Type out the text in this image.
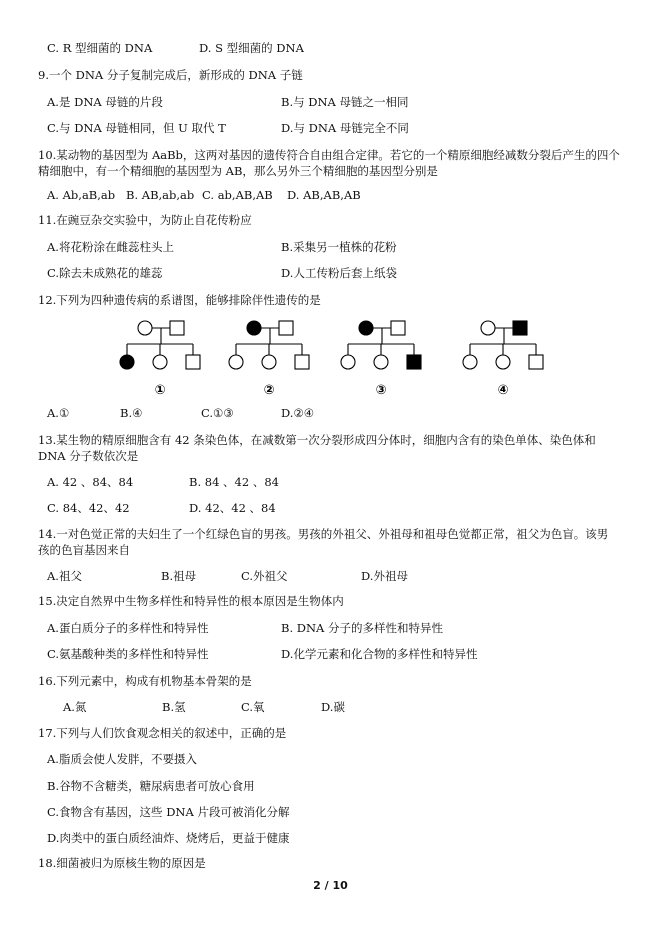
C. R 型细菌的 DNA	D. S 型细菌的 DNA
9.一个 DNA 分子复制完成后，新形成的 DNA 子链
A.是 DNA 母链的片段	B.与 DNA 母链之一相同
C.与 DNA 母链相同，但 U 取代 T	D.与 DNA 母链完全不同
10.某动物的基因型为 AaBb，这两对基因的遗传符合自由组合定律。若它的一个精原细胞经减数分裂后产生的四个
精细胞中，有一个精细胞的基因型为 AB，那么另外三个精细胞的基因型分别是
A. Ab,aB,ab B. AB,ab,ab C. ab,AB,AB D. AB,AB,AB
11.在豌豆杂交实验中，为防止自花传粉应
A.将花粉涂在雌蕊柱头上	B.采集另一植株的花粉
C.除去未成熟花的雄蕊	D.人工传粉后套上纸袋
12.下列为四种遗传病的系谱图，能够排除伴性遗传的是
①	②	③	④
A.①	B.④	C.①③	D.②④
13.某生物的精原细胞含有 42 条染色体，在减数第一次分裂形成四分体时，细胞内含有的染色单体、染色体和
DNA 分子数依次是
A. 42 、84、84	B. 84 、42 、84
C. 84、42、42	D. 42、42 、84
14.一对色觉正常的夫妇生了一个红绿色盲的男孩。男孩的外祖父、外祖母和祖母色觉都正常，祖父为色盲。该男
孩的色盲基因来自
A.祖父	B.祖母	C.外祖父	D.外祖母
15.决定自然界中生物多样性和特异性的根本原因是生物体内
A.蛋白质分子的多样性和特异性	B. DNA 分子的多样性和特异性
C.氨基酸种类的多样性和特异性	D.化学元素和化合物的多样性和特异性
16.下列元素中，构成有机物基本骨架的是
A.氮	B.氢	C.氧	D.碳
17.下列与人们饮食观念相关的叙述中，正确的是
A.脂质会使人发胖，不要摄入
B.谷物不含糖类，糖尿病患者可放心食用
C.食物含有基因，这些 DNA 片段可被消化分解
D.肉类中的蛋白质经油炸、烧烤后，更益于健康
18.细菌被归为原核生物的原因是
2 / 10
